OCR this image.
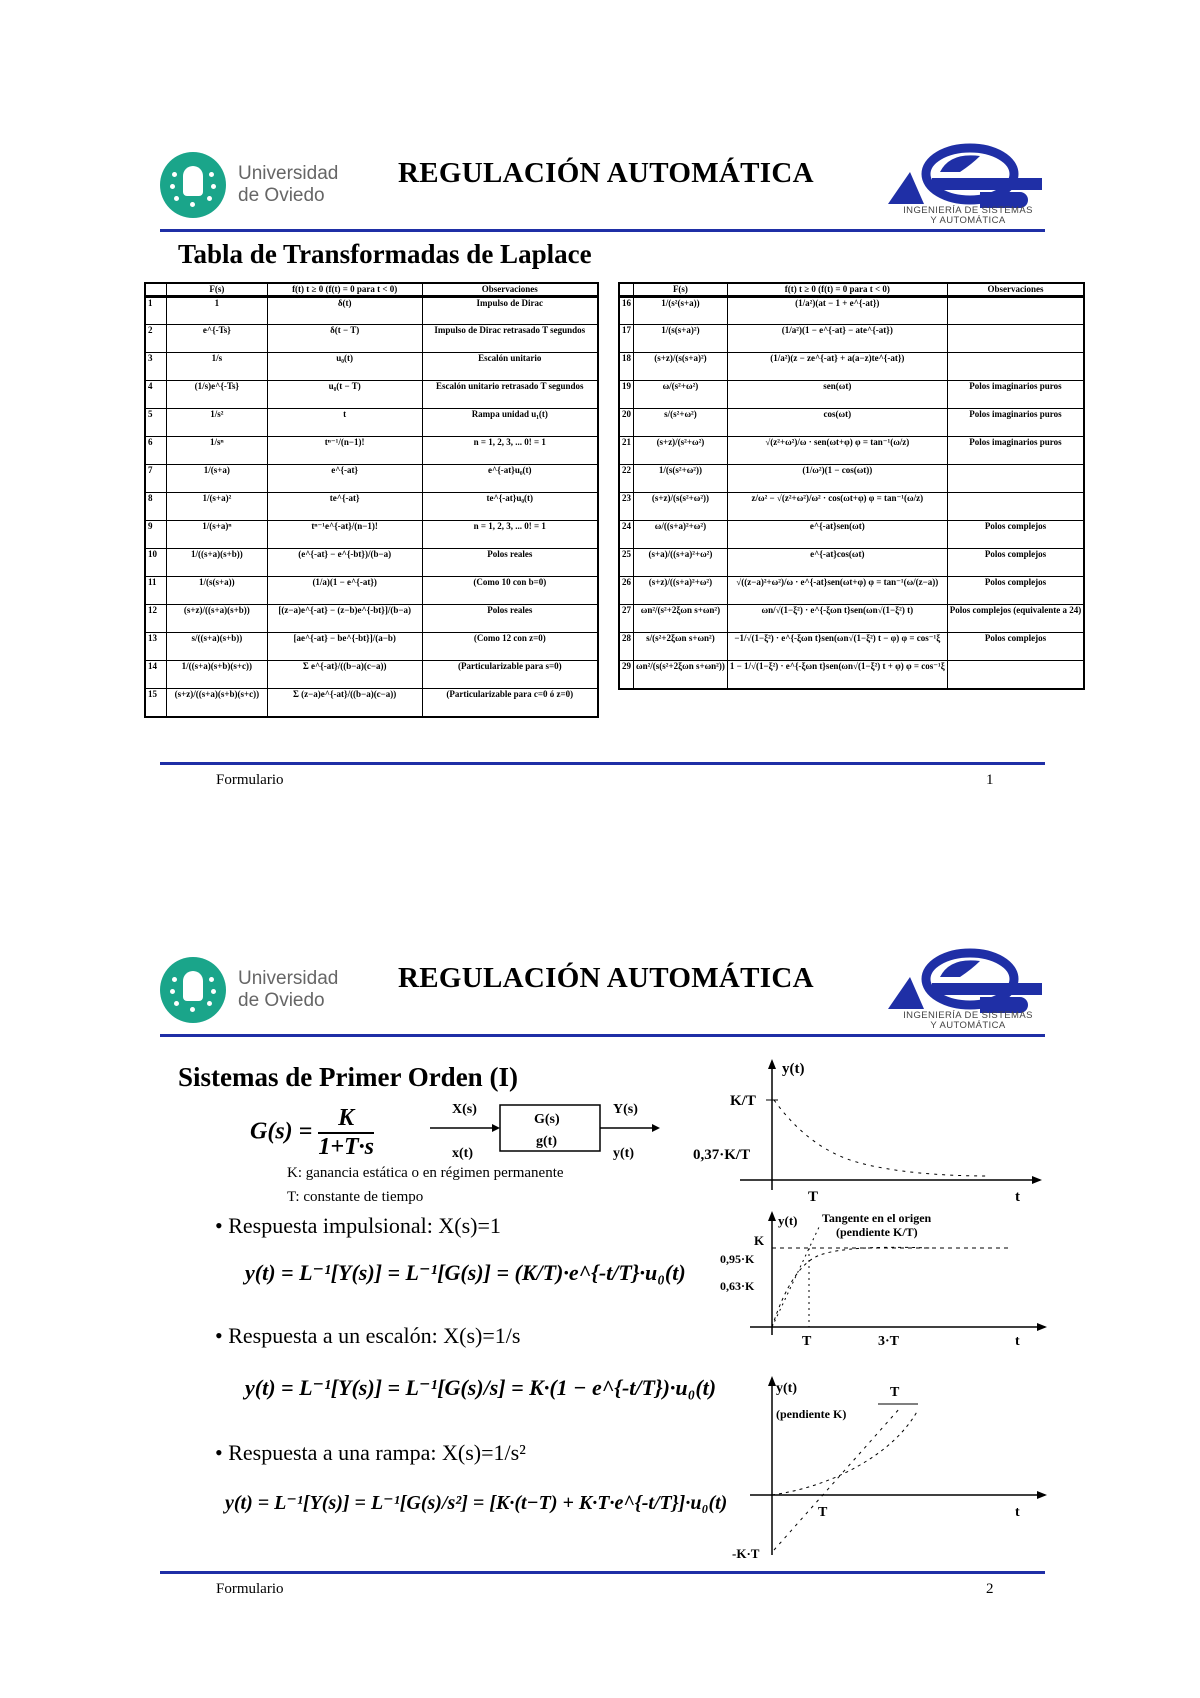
Universidad
de Oviedo
REGULACIÓN AUTOMÁTICA
INGENIERÍA DE SISTEMAS
Y AUTOMÁTICA
Tabla de Transformadas de Laplace
	F(s)	f(t) t ≥ 0 (f(t) = 0 para t < 0)	Observaciones
1	1	δ(t)	Impulso de Dirac
2	e^{-Ts}	δ(t − T)	Impulso de Dirac retrasado T segundos
3	1/s	u₀(t)	Escalón unitario
4	(1/s)e^{-Ts}	u₀(t − T)	Escalón unitario retrasado T segundos
5	1/s²	t	Rampa unidad u₁(t)
6	1/sⁿ	tⁿ⁻¹/(n−1)!	n = 1, 2, 3, ... 0! = 1
7	1/(s+a)	e^{-at}	e^{-at}u₀(t)
8	1/(s+a)²	te^{-at}	te^{-at}u₀(t)
9	1/(s+a)ⁿ	tⁿ⁻¹e^{-at}/(n−1)!	n = 1, 2, 3, ... 0! = 1
10	1/((s+a)(s+b))	(e^{-at} − e^{-bt})/(b−a)	Polos reales
11	1/(s(s+a))	(1/a)(1 − e^{-at})	(Como 10 con b=0)
12	(s+z)/((s+a)(s+b))	[(z−a)e^{-at} − (z−b)e^{-bt}]/(b−a)	Polos reales
13	s/((s+a)(s+b))	[ae^{-at} − be^{-bt}]/(a−b)	(Como 12 con z=0)
14	1/((s+a)(s+b)(s+c))	Σ e^{-at}/((b−a)(c−a))	(Particularizable para s=0)
15	(s+z)/((s+a)(s+b)(s+c))	Σ (z−a)e^{-at}/((b−a)(c−a))	(Particularizable para c=0 ó z=0)
	F(s)	f(t) t ≥ 0 (f(t) = 0 para t < 0)	Observaciones
16	1/(s²(s+a))	(1/a²)(at − 1 + e^{-at})	
17	1/(s(s+a)²)	(1/a²)(1 − e^{-at} − ate^{-at})	
18	(s+z)/(s(s+a)²)	(1/a²)(z − ze^{-at} + a(a−z)te^{-at})	
19	ω/(s²+ω²)	sen(ωt)	Polos imaginarios puros
20	s/(s²+ω²)	cos(ωt)	Polos imaginarios puros
21	(s+z)/(s²+ω²)	√(z²+ω²)/ω · sen(ωt+φ) φ = tan⁻¹(ω/z)	Polos imaginarios puros
22	1/(s(s²+ω²))	(1/ω²)(1 − cos(ωt))	
23	(s+z)/(s(s²+ω²))	z/ω² − √(z²+ω²)/ω² · cos(ωt+φ) φ = tan⁻¹(ω/z)	
24	ω/((s+a)²+ω²)	e^{-at}sen(ωt)	Polos complejos
25	(s+a)/((s+a)²+ω²)	e^{-at}cos(ωt)	Polos complejos
26	(s+z)/((s+a)²+ω²)	√((z−a)²+ω²)/ω · e^{-at}sen(ωt+φ) φ = tan⁻¹(ω/(z−a))	Polos complejos
27	ωn²/(s²+2ξωn s+ωn²)	ωn/√(1−ξ²) · e^{-ξωn t}sen(ωn√(1−ξ²) t)	Polos complejos (equivalente a 24)
28	s/(s²+2ξωn s+ωn²)	−1/√(1−ξ²) · e^{-ξωn t}sen(ωn√(1−ξ²) t − φ) φ = cos⁻¹ξ	Polos complejos
29	ωn²/(s(s²+2ξωn s+ωn²))	1 − 1/√(1−ξ²) · e^{-ξωn t}sen(ωn√(1−ξ²) t + φ) φ = cos⁻¹ξ	
Formulario	1
Universidad
de Oviedo
REGULACIÓN AUTOMÁTICA
INGENIERÍA DE SISTEMAS
Y AUTOMÁTICA
Sistemas de Primer Orden (I)
$G(s) = \frac{K}{1+T\cdot s}$	X(s)
x(t)
G(s)
g(t)
Y(s)
y(t)
K: ganancia estática o en régimen permanente
T: constante de tiempo
• Respuesta impulsional: X(s)=1
y(t) = L⁻¹[Y(s)] = L⁻¹[G(s)] = (K/T)·e^{-t/T}·u₀(t)
• Respuesta a un escalón: X(s)=1/s
y(t) = L⁻¹[Y(s)] = L⁻¹[G(s)/s] = K·(1 − e^{-t/T})·u₀(t)
• Respuesta a una rampa: X(s)=1/s²
y(t) = L⁻¹[Y(s)] = L⁻¹[G(s)/s²] = [K·(t−T) + K·T·e^{-t/T}]·u₀(t)
y(t)
K/T
0,37·K/T
T	t
y(t) Tangente en el origen
(pendiente K/T)
K
0,95·K
0,63·K
T	3·T	t
y(t)
(pendiente K)
T
T
-K·T
t
Formulario	2
